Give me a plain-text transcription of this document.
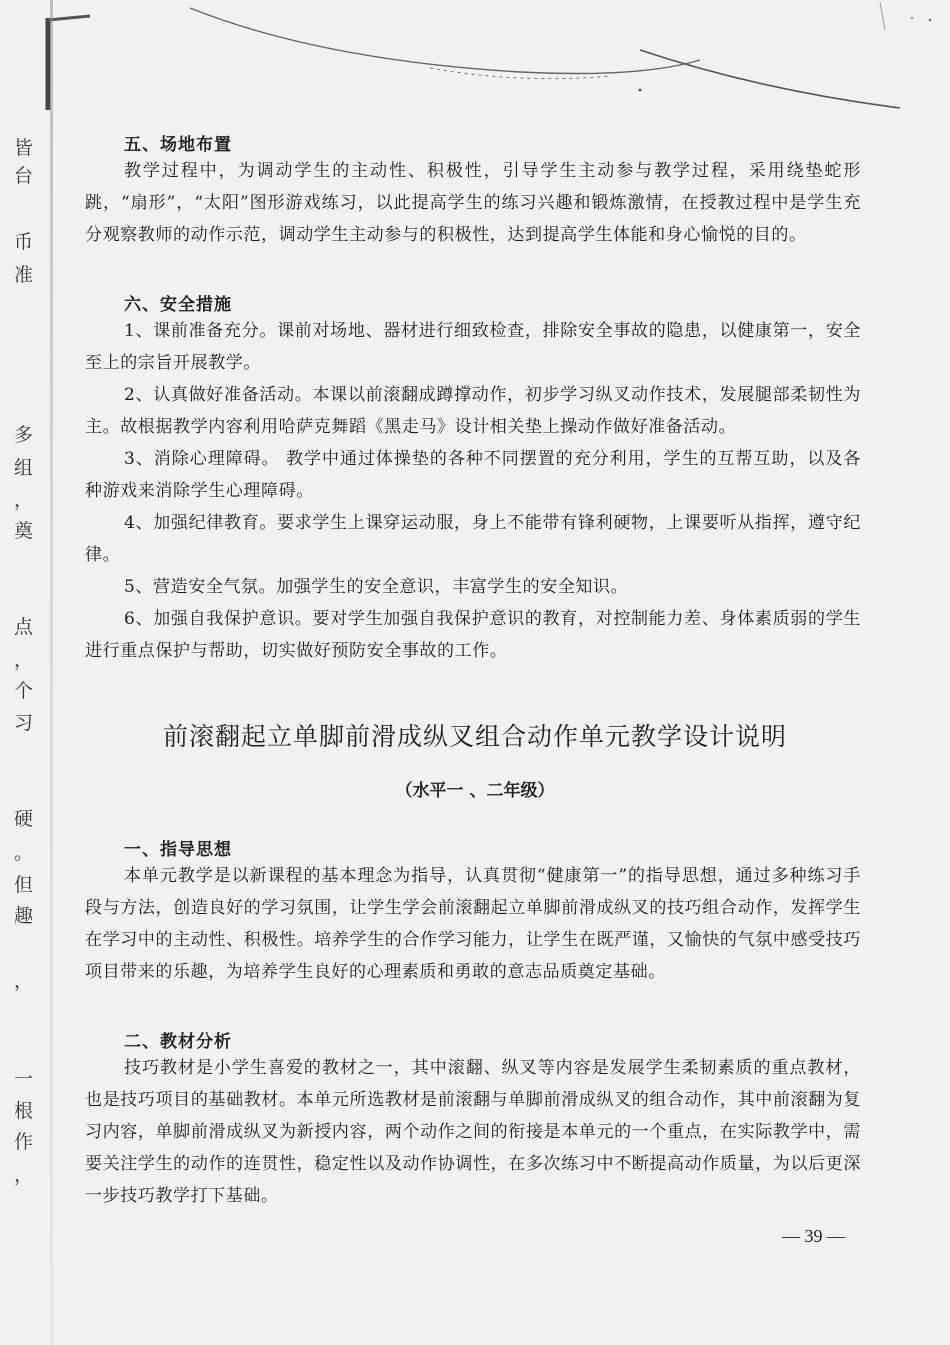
皆
台
币
准
多
组
，
奠
点
，
个
习
硬
。
但
趣
，
一
根
作
，
五、场地布置

教学过程中，为调动学生的主动性、积极性，引导学生主动参与教学过程，采用绕垫蛇形跳，“扇形”，“太阳”图形游戏练习，以此提高学生的练习兴趣和锻炼激情，在授教过程中是学生充分观察教师的动作示范，调动学生主动参与的积极性，达到提高学生体能和身心愉悦的目的。

六、安全措施

1、课前准备充分。课前对场地、器材进行细致检查，排除安全事故的隐患，以健康第一，安全至上的宗旨开展教学。

2、认真做好准备活动。本课以前滚翻成蹲撑动作，初步学习纵叉动作技术，发展腿部柔韧性为主。故根据教学内容利用哈萨克舞蹈《黑走马》设计相关垫上操动作做好准备活动。

3、消除心理障碍。 教学中通过体操垫的各种不同摆置的充分利用，学生的互帮互助，以及各种游戏来消除学生心理障碍。

4、加强纪律教育。要求学生上课穿运动服，身上不能带有锋利硬物，上课要听从指挥，遵守纪律。

5、营造安全气氛。加强学生的安全意识，丰富学生的安全知识。

6、加强自我保护意识。要对学生加强自我保护意识的教育，对控制能力差、身体素质弱的学生进行重点保护与帮助，切实做好预防安全事故的工作。

前滚翻起立单脚前滑成纵叉组合动作单元教学设计说明
（水平一 、二年级）
一、指导思想

本单元教学是以新课程的基本理念为指导，认真贯彻“健康第一”的指导思想，通过多种练习手段与方法，创造良好的学习氛围，让学生学会前滚翻起立单脚前滑成纵叉的技巧组合动作，发挥学生在学习中的主动性、积极性。培养学生的合作学习能力，让学生在既严谨，又愉快的气氛中感受技巧项目带来的乐趣，为培养学生良好的心理素质和勇敢的意志品质奠定基础。

二、教材分析

技巧教材是小学生喜爱的教材之一，其中滚翻、纵叉等内容是发展学生柔韧素质的重点教材，也是技巧项目的基础教材。本单元所选教材是前滚翻与单脚前滑成纵叉的组合动作，其中前滚翻为复习内容，单脚前滑成纵叉为新授内容，两个动作之间的衔接是本单元的一个重点，在实际教学中，需要关注学生的动作的连贯性，稳定性以及动作协调性，在多次练习中不断提高动作质量，为以后更深一步技巧教学打下基础。

— 39 —
